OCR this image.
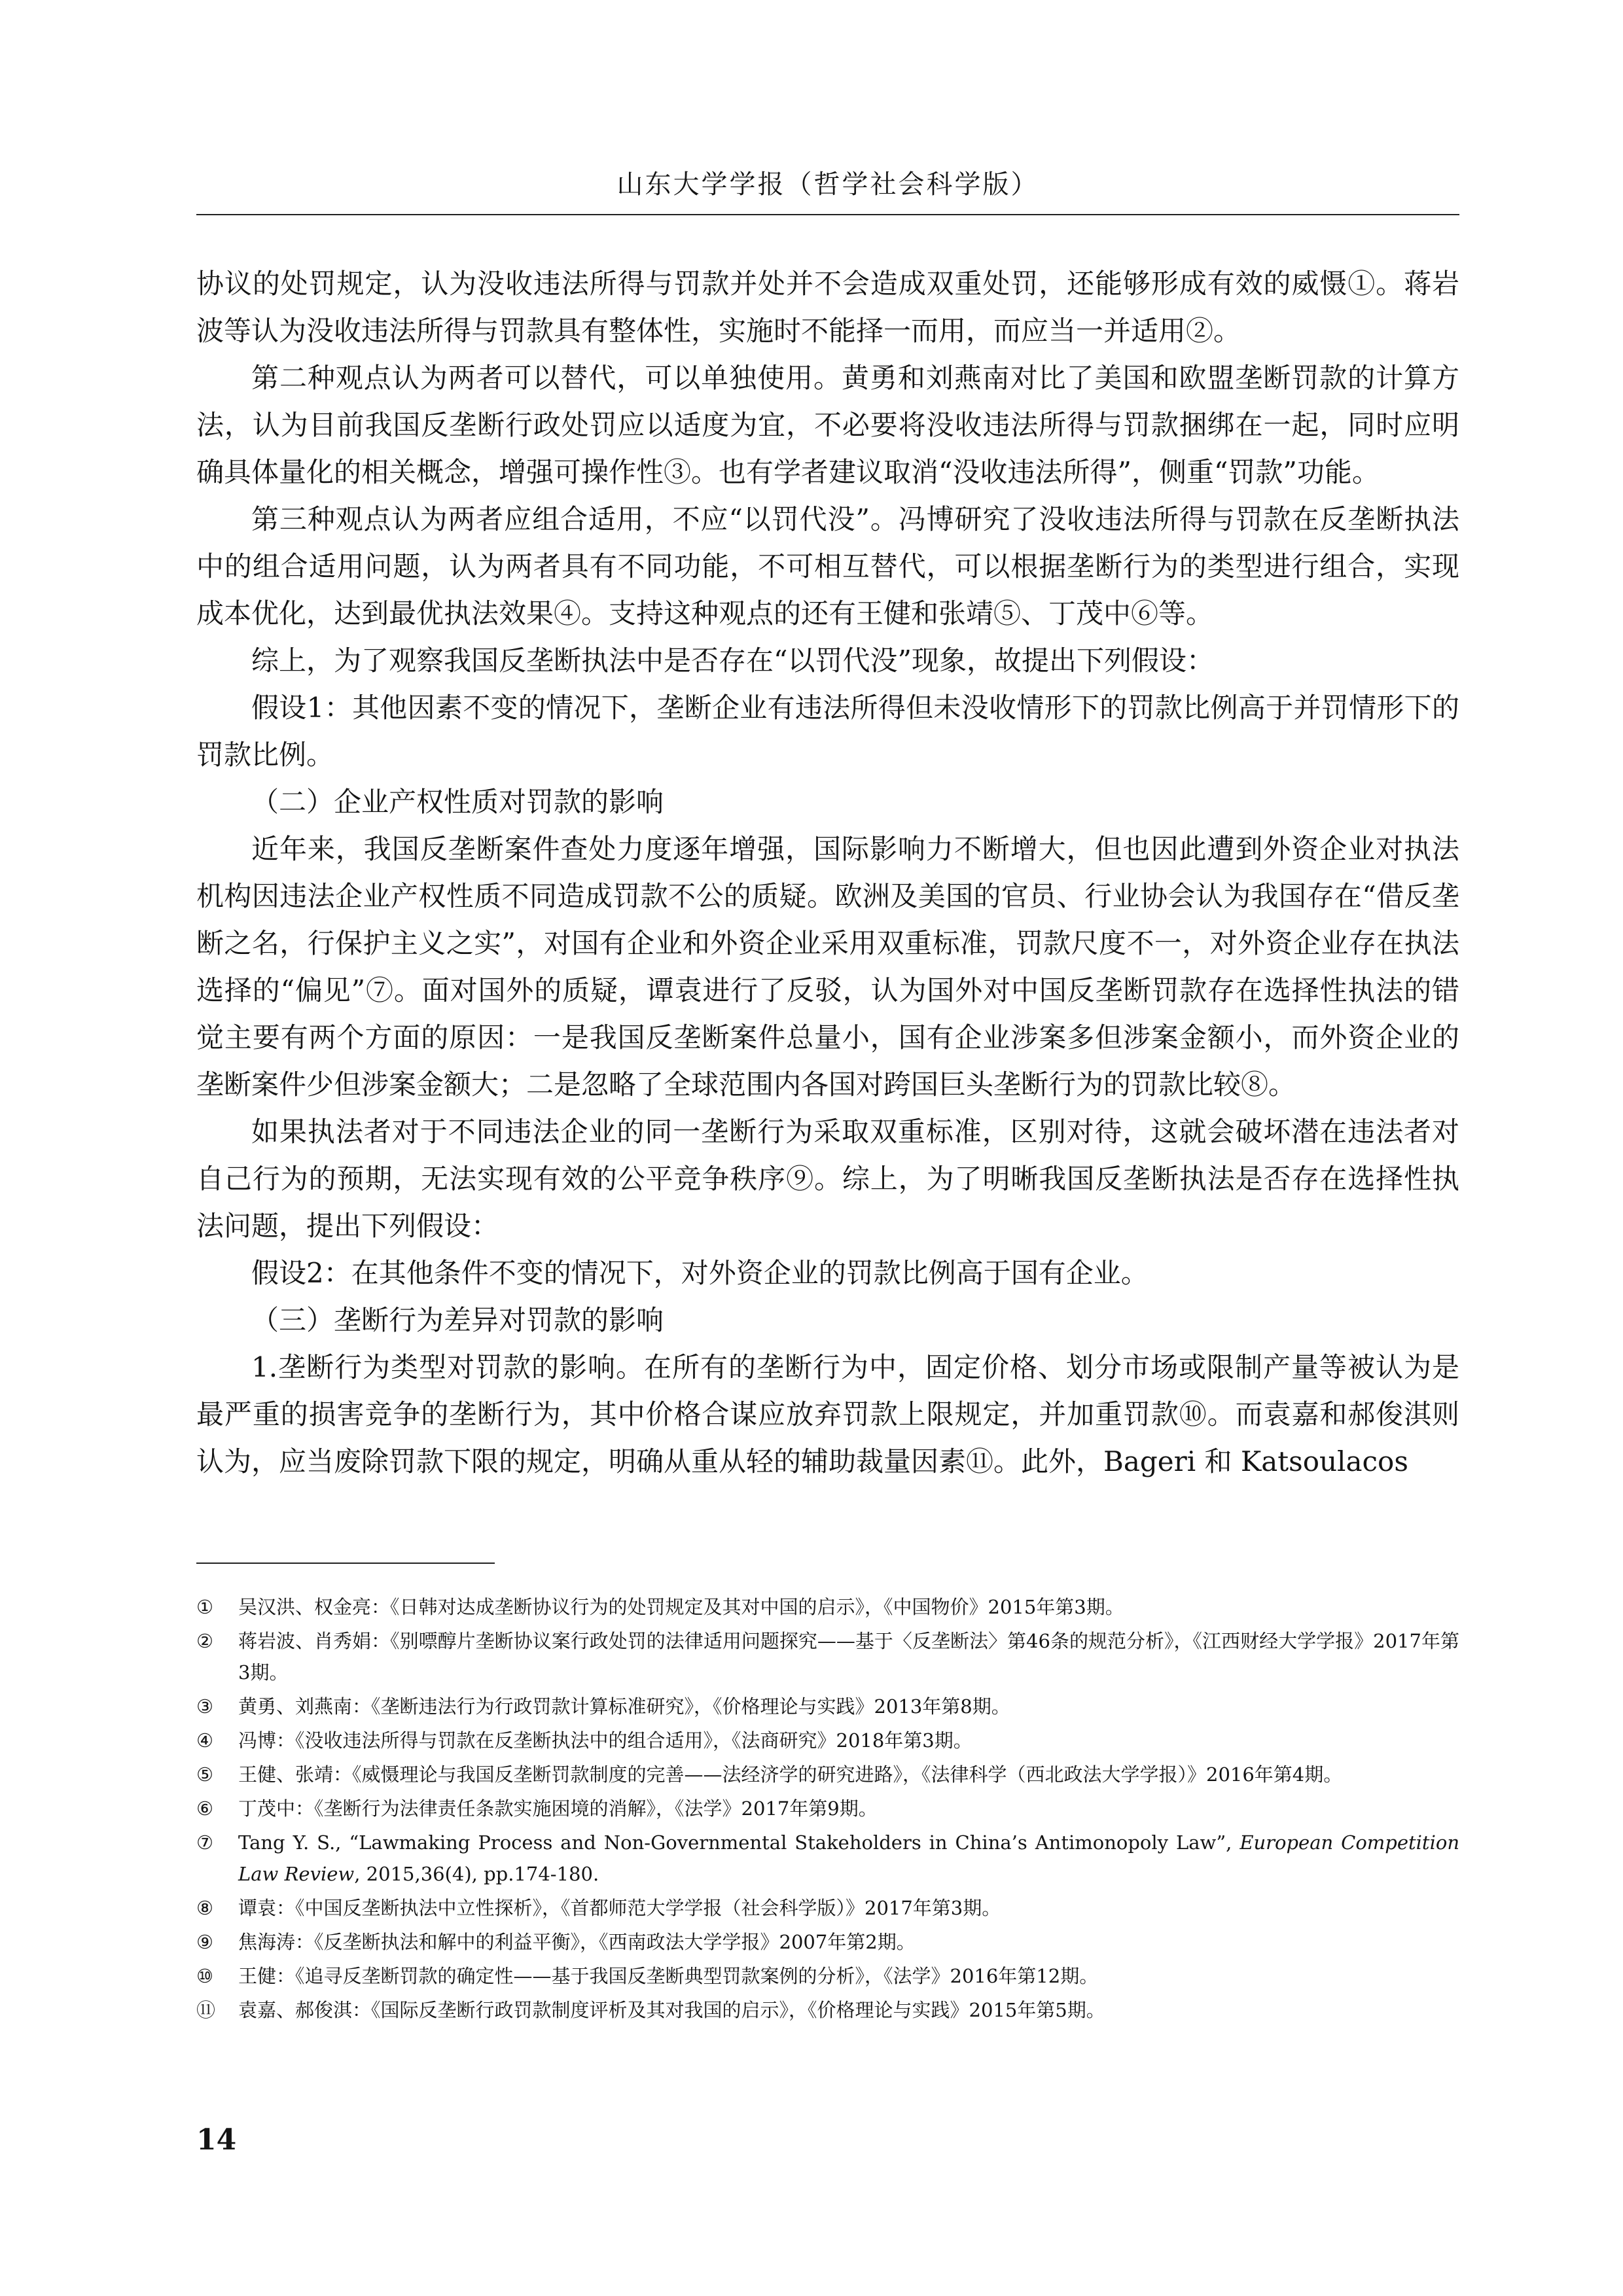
山东大学学报（哲学社会科学版）

协议的处罚规定，认为没收违法所得与罚款并处并不会造成双重处罚，还能够形成有效的威慑①。蒋岩波等认为没收违法所得与罚款具有整体性，实施时不能择一而用，而应当一并适用②。

第二种观点认为两者可以替代，可以单独使用。黄勇和刘燕南对比了美国和欧盟垄断罚款的计算方法，认为目前我国反垄断行政处罚应以适度为宜，不必要将没收违法所得与罚款捆绑在一起，同时应明确具体量化的相关概念，增强可操作性③。也有学者建议取消“没收违法所得”，侧重“罚款”功能。

第三种观点认为两者应组合适用，不应“以罚代没”。冯博研究了没收违法所得与罚款在反垄断执法中的组合适用问题，认为两者具有不同功能，不可相互替代，可以根据垄断行为的类型进行组合，实现成本优化，达到最优执法效果④。支持这种观点的还有王健和张靖⑤、丁茂中⑥等。

综上，为了观察我国反垄断执法中是否存在“以罚代没”现象，故提出下列假设：

假设1：其他因素不变的情况下，垄断企业有违法所得但未没收情形下的罚款比例高于并罚情形下的罚款比例。

（二）企业产权性质对罚款的影响

近年来，我国反垄断案件查处力度逐年增强，国际影响力不断增大，但也因此遭到外资企业对执法机构因违法企业产权性质不同造成罚款不公的质疑。欧洲及美国的官员、行业协会认为我国存在“借反垄断之名，行保护主义之实”，对国有企业和外资企业采用双重标准，罚款尺度不一，对外资企业存在执法选择的“偏见”⑦。面对国外的质疑，谭袁进行了反驳，认为国外对中国反垄断罚款存在选择性执法的错觉主要有两个方面的原因：一是我国反垄断案件总量小，国有企业涉案多但涉案金额小，而外资企业的垄断案件少但涉案金额大；二是忽略了全球范围内各国对跨国巨头垄断行为的罚款比较⑧。

如果执法者对于不同违法企业的同一垄断行为采取双重标准，区别对待，这就会破坏潜在违法者对自己行为的预期，无法实现有效的公平竞争秩序⑨。综上，为了明晰我国反垄断执法是否存在选择性执法问题，提出下列假设：

假设2：在其他条件不变的情况下，对外资企业的罚款比例高于国有企业。

（三）垄断行为差异对罚款的影响

1.垄断行为类型对罚款的影响。在所有的垄断行为中，固定价格、划分市场或限制产量等被认为是最严重的损害竞争的垄断行为，其中价格合谋应放弃罚款上限规定，并加重罚款⑩。而袁嘉和郝俊淇则认为，应当废除罚款下限的规定，明确从重从轻的辅助裁量因素⑪。此外，Bageri 和 Katsoulacos

①	吴汉洪、权金亮：《日韩对达成垄断协议行为的处罚规定及其对中国的启示》，《中国物价》2015年第3期。
②	蒋岩波、肖秀娟：《别嘌醇片垄断协议案行政处罚的法律适用问题探究——基于〈反垄断法〉第46条的规范分析》，《江西财经大学学报》2017年第3期。
③	黄勇、刘燕南：《垄断违法行为行政罚款计算标准研究》，《价格理论与实践》2013年第8期。
④	冯博：《没收违法所得与罚款在反垄断执法中的组合适用》，《法商研究》2018年第3期。
⑤	王健、张靖：《威慑理论与我国反垄断罚款制度的完善——法经济学的研究进路》，《法律科学（西北政法大学学报）》2016年第4期。
⑥	丁茂中：《垄断行为法律责任条款实施困境的消解》，《法学》2017年第9期。
⑦	Tang Y. S., “Lawmaking Process and Non-Governmental Stakeholders in China’s Antimonopoly Law”, European Competition Law Review, 2015,36(4), pp.174-180.
⑧	谭袁：《中国反垄断执法中立性探析》，《首都师范大学学报（社会科学版）》2017年第3期。
⑨	焦海涛：《反垄断执法和解中的利益平衡》，《西南政法大学学报》2007年第2期。
⑩	王健：《追寻反垄断罚款的确定性——基于我国反垄断典型罚款案例的分析》，《法学》2016年第12期。
⑪	袁嘉、郝俊淇：《国际反垄断行政罚款制度评析及其对我国的启示》，《价格理论与实践》2015年第5期。
14
